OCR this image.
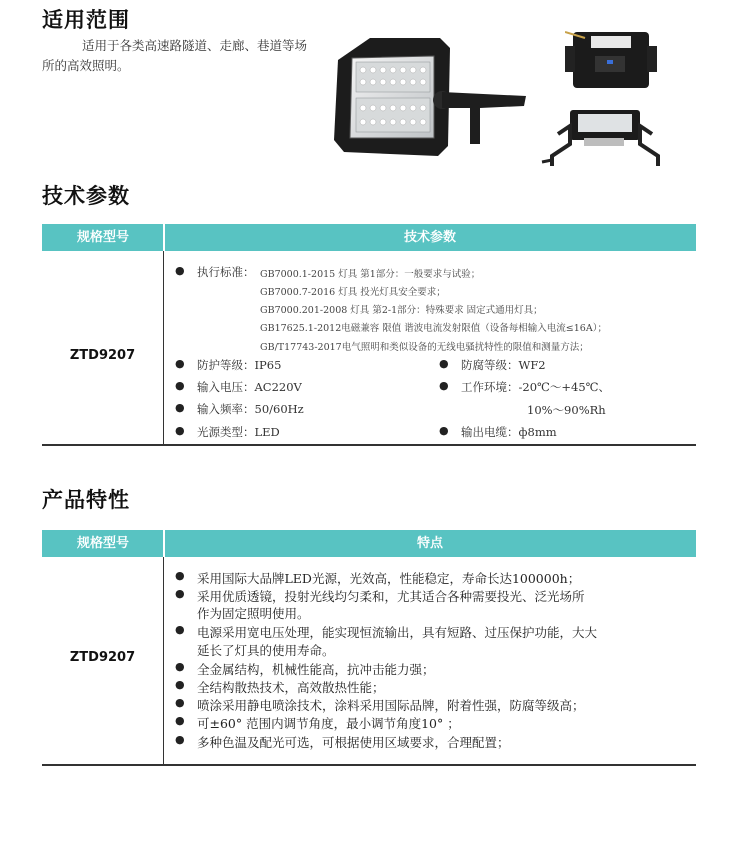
适用范围
适用于各类高速路隧道、走廊、巷道等场所的高效照明。
技术参数
规格型号	技术参数
ZTD9207
● 执行标准： GB7000.1-2015 灯具 第1部分：一般要求与试验；
GB7000.7-2016 灯具 投光灯具安全要求；
GB7000.201-2008 灯具 第2-1部分：特殊要求 固定式通用灯具；
GB17625.1-2012电磁兼容 限值 谐波电流发射限值（设备每相输入电流≤16A）；
GB/T17743-2017电气照明和类似设备的无线电骚扰特性的限值和测量方法；
● 防护等级：IP65
● 输入电压：AC220V
● 输入频率：50/60Hz
● 光源类型：LED
● 防腐等级：WF2
● 工作环境：-20℃～+45℃、
10%～90%Rh
● 输出电缆：ф8mm
产品特性
规格型号	特点
ZTD9207
● 采用国际大品牌LED光源，光效高，性能稳定，寿命长达100000h；
● 采用优质透镜，投射光线均匀柔和，尤其适合各种需要投光、泛光场所
作为固定照明使用。
● 电源采用宽电压处理，能实现恒流输出，具有短路、过压保护功能，大大
延长了灯具的使用寿命。
● 全金属结构，机械性能高，抗冲击能力强；
● 全结构散热技术，高效散热性能；
● 喷涂采用静电喷涂技术，涂料采用国际品牌，附着性强，防腐等级高；
● 可±60° 范围内调节角度，最小调节角度10° ；
● 多种色温及配光可选，可根据使用区域要求，合理配置；
